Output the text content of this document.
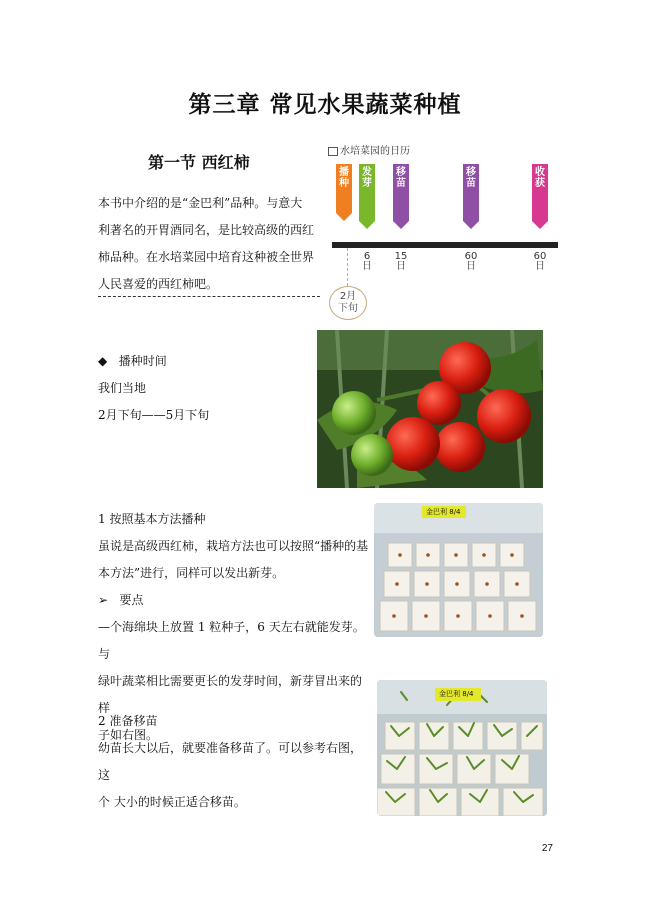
第三章 常见水果蔬菜种植
第一节 西红柿
本书中介绍的是“金巴利”品种。与意大
利著名的开胃酒同名，是比较高级的西红
柿品种。在水培菜园中培育这种被全世界
人民喜爱的西红柿吧。
水培菜园的日历
播种
发芽
移苗
移苗
收获
6
日
15
日
60
日
60
日
2月
下旬
◆ 播种时间
我们当地
2月下旬——5月下旬
金巴利 8/4
1 按照基本方法播种
虽说是高级西红柿，栽培方法也可以按照“播种的基
本方法”进行，同样可以发出新芽。
➢ 要点
—个海绵块上放置 1 粒种子，6 天左右就能发芽。与
绿叶蔬菜相比需要更长的发芽时间，新芽冒出来的样
子如右图。
金巴利 8/4
2 准备移苗
幼苗长大以后，就要准备移苗了。可以参考右图，这
个 大小的时候正适合移苗。
27
